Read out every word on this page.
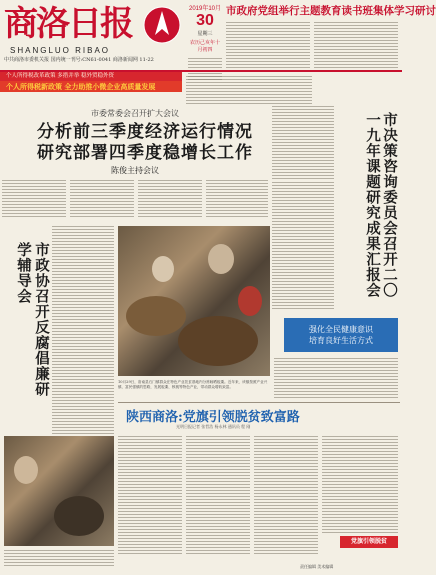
商洛日报
SHANGLUO RIBAO
中共商洛市委机关报 国内统一刊号:CN61-0041 商洛新闻网 11-22
2019年10月
30
星期三
农历己亥年十月初四
市政府党组举行主题教育读书班集体学习研讨
个人所得税改革政策 多措并举 稳外贸稳外资
个人所得税新政策 全力助推小微企业高质量发展
市决策咨询委员会召开二〇一九年课题研究成果汇报会
市委常委会召开扩大会议
分析前三季度经济运行情况
研究部署四季度稳增长工作
陈俊主持会议
市政协召开反腐倡廉研学辅导会
10月29日，洛南县石门镇群众在特色产业扶贫基地内分拣晾晒板栗。近年来，该镇按照产业兴镇、富民强镇的思路，发展板栗、核桃等特色产业，带动群众增收致富。
强化全民健康意识
培育良好生活方式
陕西商洛:党旗引领脱贫致富路
光明日报记者 张哲浩 杨永林 通讯员 程 刚
党旗引领脱贫
责任编辑 美术编辑
